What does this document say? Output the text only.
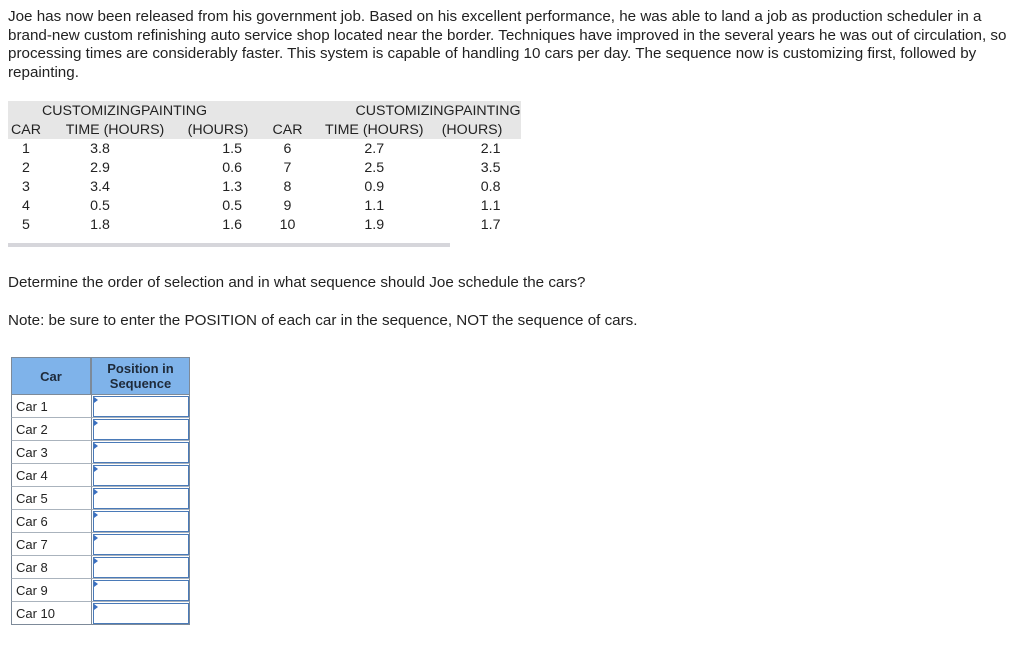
Joe has now been released from his government job. Based on his excellent performance, he was able to land a job as production scheduler in a brand-new custom refinishing auto service shop located near the border. Techniques have improved in the several years he was out of circulation, so processing times are considerably faster. This system is capable of handling 10 cars per day. The sequence now is customizing first, followed by repainting.

CUSTOMIZINGPAINTING			CUSTOMIZINGPAINTING		
CAR	TIME (HOURS)	(HOURS)	CAR	TIME (HOURS)	(HOURS)
1	3.8	1.5	6	2.7	2.1
2	2.9	0.6	7	2.5	3.5
3	3.4	1.3	8	0.9	0.8
4	0.5	0.5	9	1.1	1.1
5	1.8	1.6	10	1.9	1.7

Determine the order of selection and in what sequence should Joe schedule the cars?

Note: be sure to enter the POSITION of each car in the sequence, NOT the sequence of cars.

Car	Position in Sequence
Car 1	

Car 2	

Car 3	

Car 4	

Car 5	

Car 6	

Car 7	

Car 8	

Car 9	

Car 10	
